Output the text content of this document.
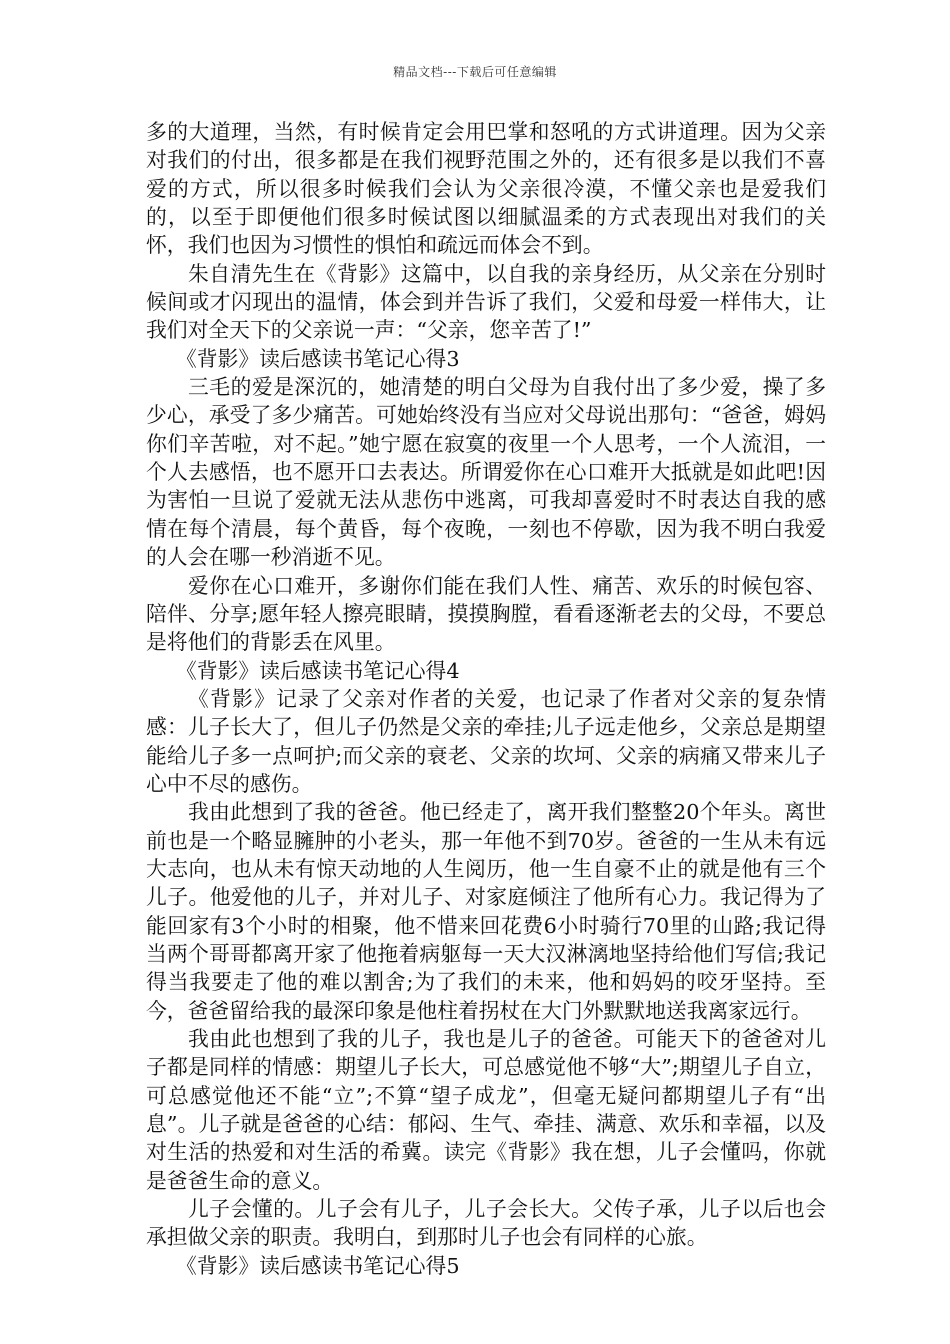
精品文档---下载后可任意编辑

多的大道理，当然，有时候肯定会用巴掌和怒吼的方式讲道理。因为父亲对我们的付出，很多都是在我们视野范围之外的，还有很多是以我们不喜爱的方式，所以很多时候我们会认为父亲很冷漠，不懂父亲也是爱我们的，以至于即便他们很多时候试图以细腻温柔的方式表现出对我们的关怀，我们也因为习惯性的惧怕和疏远而体会不到。

朱自清先生在《背影》这篇中，以自我的亲身经历，从父亲在分别时候间或才闪现出的温情，体会到并告诉了我们，父爱和母爱一样伟大，让我们对全天下的父亲说一声：“父亲，您辛苦了!”

《背影》读后感读书笔记心得3

三毛的爱是深沉的，她清楚的明白父母为自我付出了多少爱，操了多少心，承受了多少痛苦。可她始终没有当应对父母说出那句：“爸爸，姆妈你们辛苦啦，对不起。”她宁愿在寂寞的夜里一个人思考，一个人流泪，一个人去感悟，也不愿开口去表达。所谓爱你在心口难开大抵就是如此吧!因为害怕一旦说了爱就无法从悲伤中逃离，可我却喜爱时不时表达自我的感情在每个清晨，每个黄昏，每个夜晚，一刻也不停歇，因为我不明白我爱的人会在哪一秒消逝不见。

爱你在心口难开，多谢你们能在我们人性、痛苦、欢乐的时候包容、陪伴、分享;愿年轻人擦亮眼睛，摸摸胸膛，看看逐渐老去的父母，不要总是将他们的背影丢在风里。

《背影》读后感读书笔记心得4

《背影》记录了父亲对作者的关爱，也记录了作者对父亲的复杂情感：儿子长大了，但儿子仍然是父亲的牵挂;儿子远走他乡，父亲总是期望能给儿子多一点呵护;而父亲的衰老、父亲的坎坷、父亲的病痛又带来儿子心中不尽的感伤。

我由此想到了我的爸爸。他已经走了，离开我们整整20个年头。离世前也是一个略显臃肿的小老头，那一年他不到70岁。爸爸的一生从未有远大志向，也从未有惊天动地的人生阅历，他一生自豪不止的就是他有三个儿子。他爱他的儿子，并对儿子、对家庭倾注了他所有心力。我记得为了能回家有3个小时的相聚，他不惜来回花费6小时骑行70里的山路;我记得当两个哥哥都离开家了他拖着病躯每一天大汉淋漓地坚持给他们写信;我记得当我要走了他的难以割舍;为了我们的未来，他和妈妈的咬牙坚持。至今，爸爸留给我的最深印象是他柱着拐杖在大门外默默地送我离家远行。

我由此也想到了我的儿子，我也是儿子的爸爸。可能天下的爸爸对儿子都是同样的情感：期望儿子长大，可总感觉他不够“大”;期望儿子自立，可总感觉他还不能“立”;不算“望子成龙”，但毫无疑问都期望儿子有“出息”。儿子就是爸爸的心结：郁闷、生气、牵挂、满意、欢乐和幸福，以及对生活的热爱和对生活的希冀。读完《背影》我在想，儿子会懂吗，你就是爸爸生命的意义。

儿子会懂的。儿子会有儿子，儿子会长大。父传子承，儿子以后也会承担做父亲的职责。我明白，到那时儿子也会有同样的心旅。

《背影》读后感读书笔记心得5
